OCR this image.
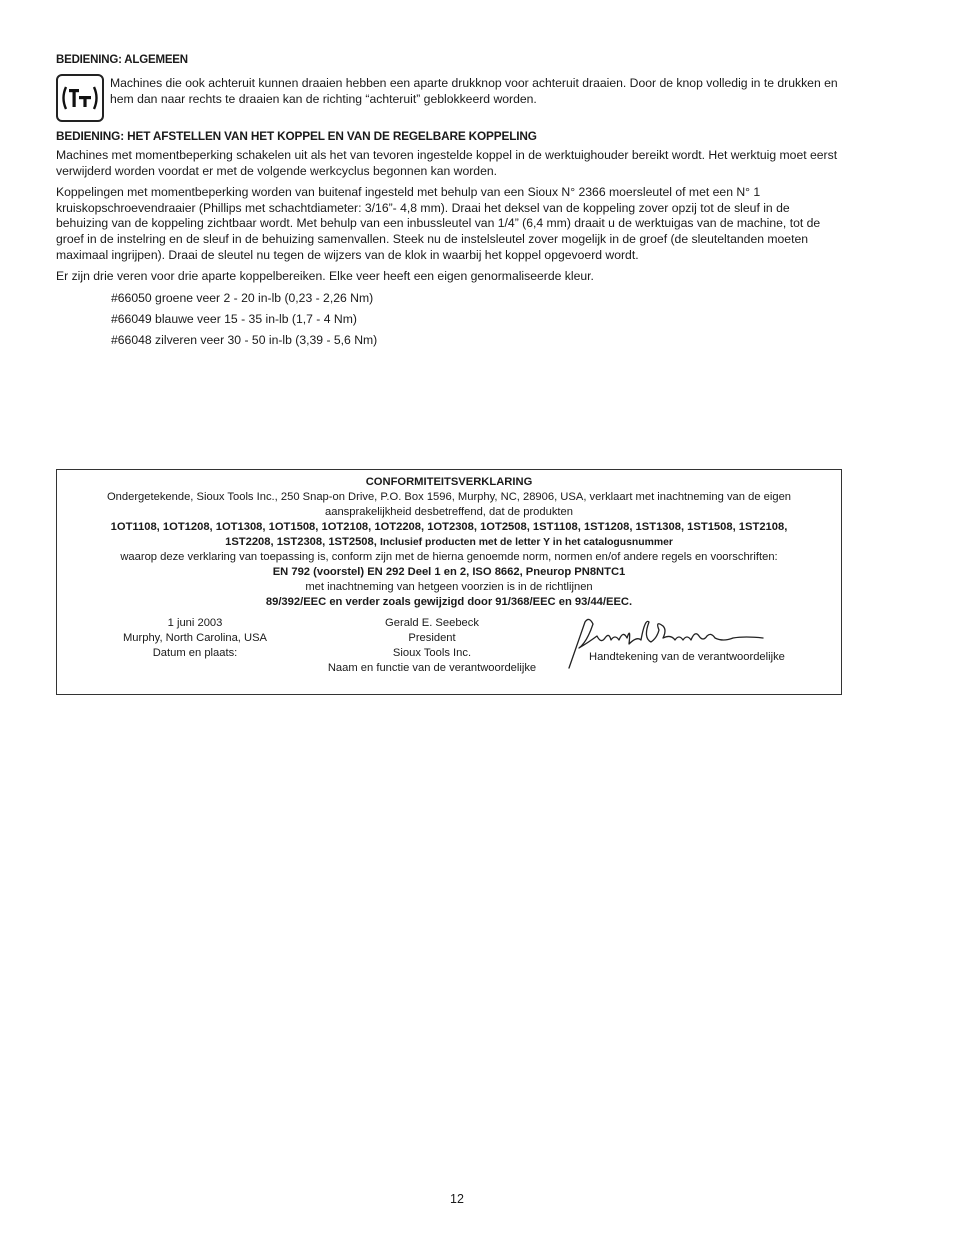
BEDIENING: ALGEMEEN

Machines die ook achteruit kunnen draaien hebben een aparte drukknop voor achteruit draaien. Door de knop volledig in te drukken en hem dan naar rechts te draaien kan de richting “achteruit” geblokkeerd worden.

BEDIENING: HET AFSTELLEN VAN HET KOPPEL EN VAN DE REGELBARE KOPPELING

Machines met momentbeperking schakelen uit als het van tevoren ingestelde koppel in de werktuighouder bereikt wordt. Het werktuig moet eerst verwijderd worden voordat er met de volgende werkcyclus begonnen kan worden.

Koppelingen met momentbeperking worden van buitenaf ingesteld met behulp van een Sioux N° 2366 moersleutel of met een N° 1 kruiskopschroevendraaier (Phillips met schachtdiameter: 3/16”- 4,8 mm). Draai het deksel van de koppeling zover opzij tot de sleuf in de behuizing van de koppeling zichtbaar wordt. Met behulp van een inbussleutel van 1/4” (6,4 mm) draait u de werktuigas van de machine, tot de groef in de instelring en de sleuf in de behuizing samenvallen. Steek nu de instelsleutel zover mogelijk in de groef (de sleuteltanden moeten maximaal ingrijpen). Draai de sleutel nu tegen de wijzers van de klok in waarbij het koppel opgevoerd wordt.

Er zijn drie veren voor drie aparte koppelbereiken. Elke veer heeft een eigen genormaliseerde kleur.

#66050 groene veer 2 - 20 in-lb (0,23 - 2,26 Nm)
#66049 blauwe veer 15 - 35 in-lb (1,7 - 4 Nm)
#66048 zilveren veer 30 - 50 in-lb (3,39 - 5,6 Nm)
CONFORMITEITSVERKLARING
Ondergetekende, Sioux Tools Inc., 250 Snap-on Drive, P.O. Box 1596, Murphy, NC, 28906, USA, verklaart met inachtneming van de eigen
aansprakelijkheid desbetreffend, dat de produkten
1OT1108, 1OT1208, 1OT1308, 1OT1508, 1OT2108, 1OT2208, 1OT2308, 1OT2508, 1ST1108, 1ST1208, 1ST1308, 1ST1508, 1ST2108,
1ST2208, 1ST2308, 1ST2508, Inclusief producten met de letter Y in het catalogusnummer
waarop deze verklaring van toepassing is, conform zijn met de hierna genoemde norm, normen en/of andere regels en voorschriften:
EN 792 (voorstel) EN 292 Deel 1 en 2, ISO 8662, Pneurop PN8NTC1
met inachtneming van hetgeen voorzien is in de richtlijnen
89/392/EEC en verder zoals gewijzigd door 91/368/EEC en 93/44/EEC.
1 juni 2003
Murphy, North Carolina, USA
Datum en plaats:
Gerald E. Seebeck
President
Sioux Tools Inc.
Naam en functie van de verantwoordelijke
Handtekening van de verantwoordelijke
12
